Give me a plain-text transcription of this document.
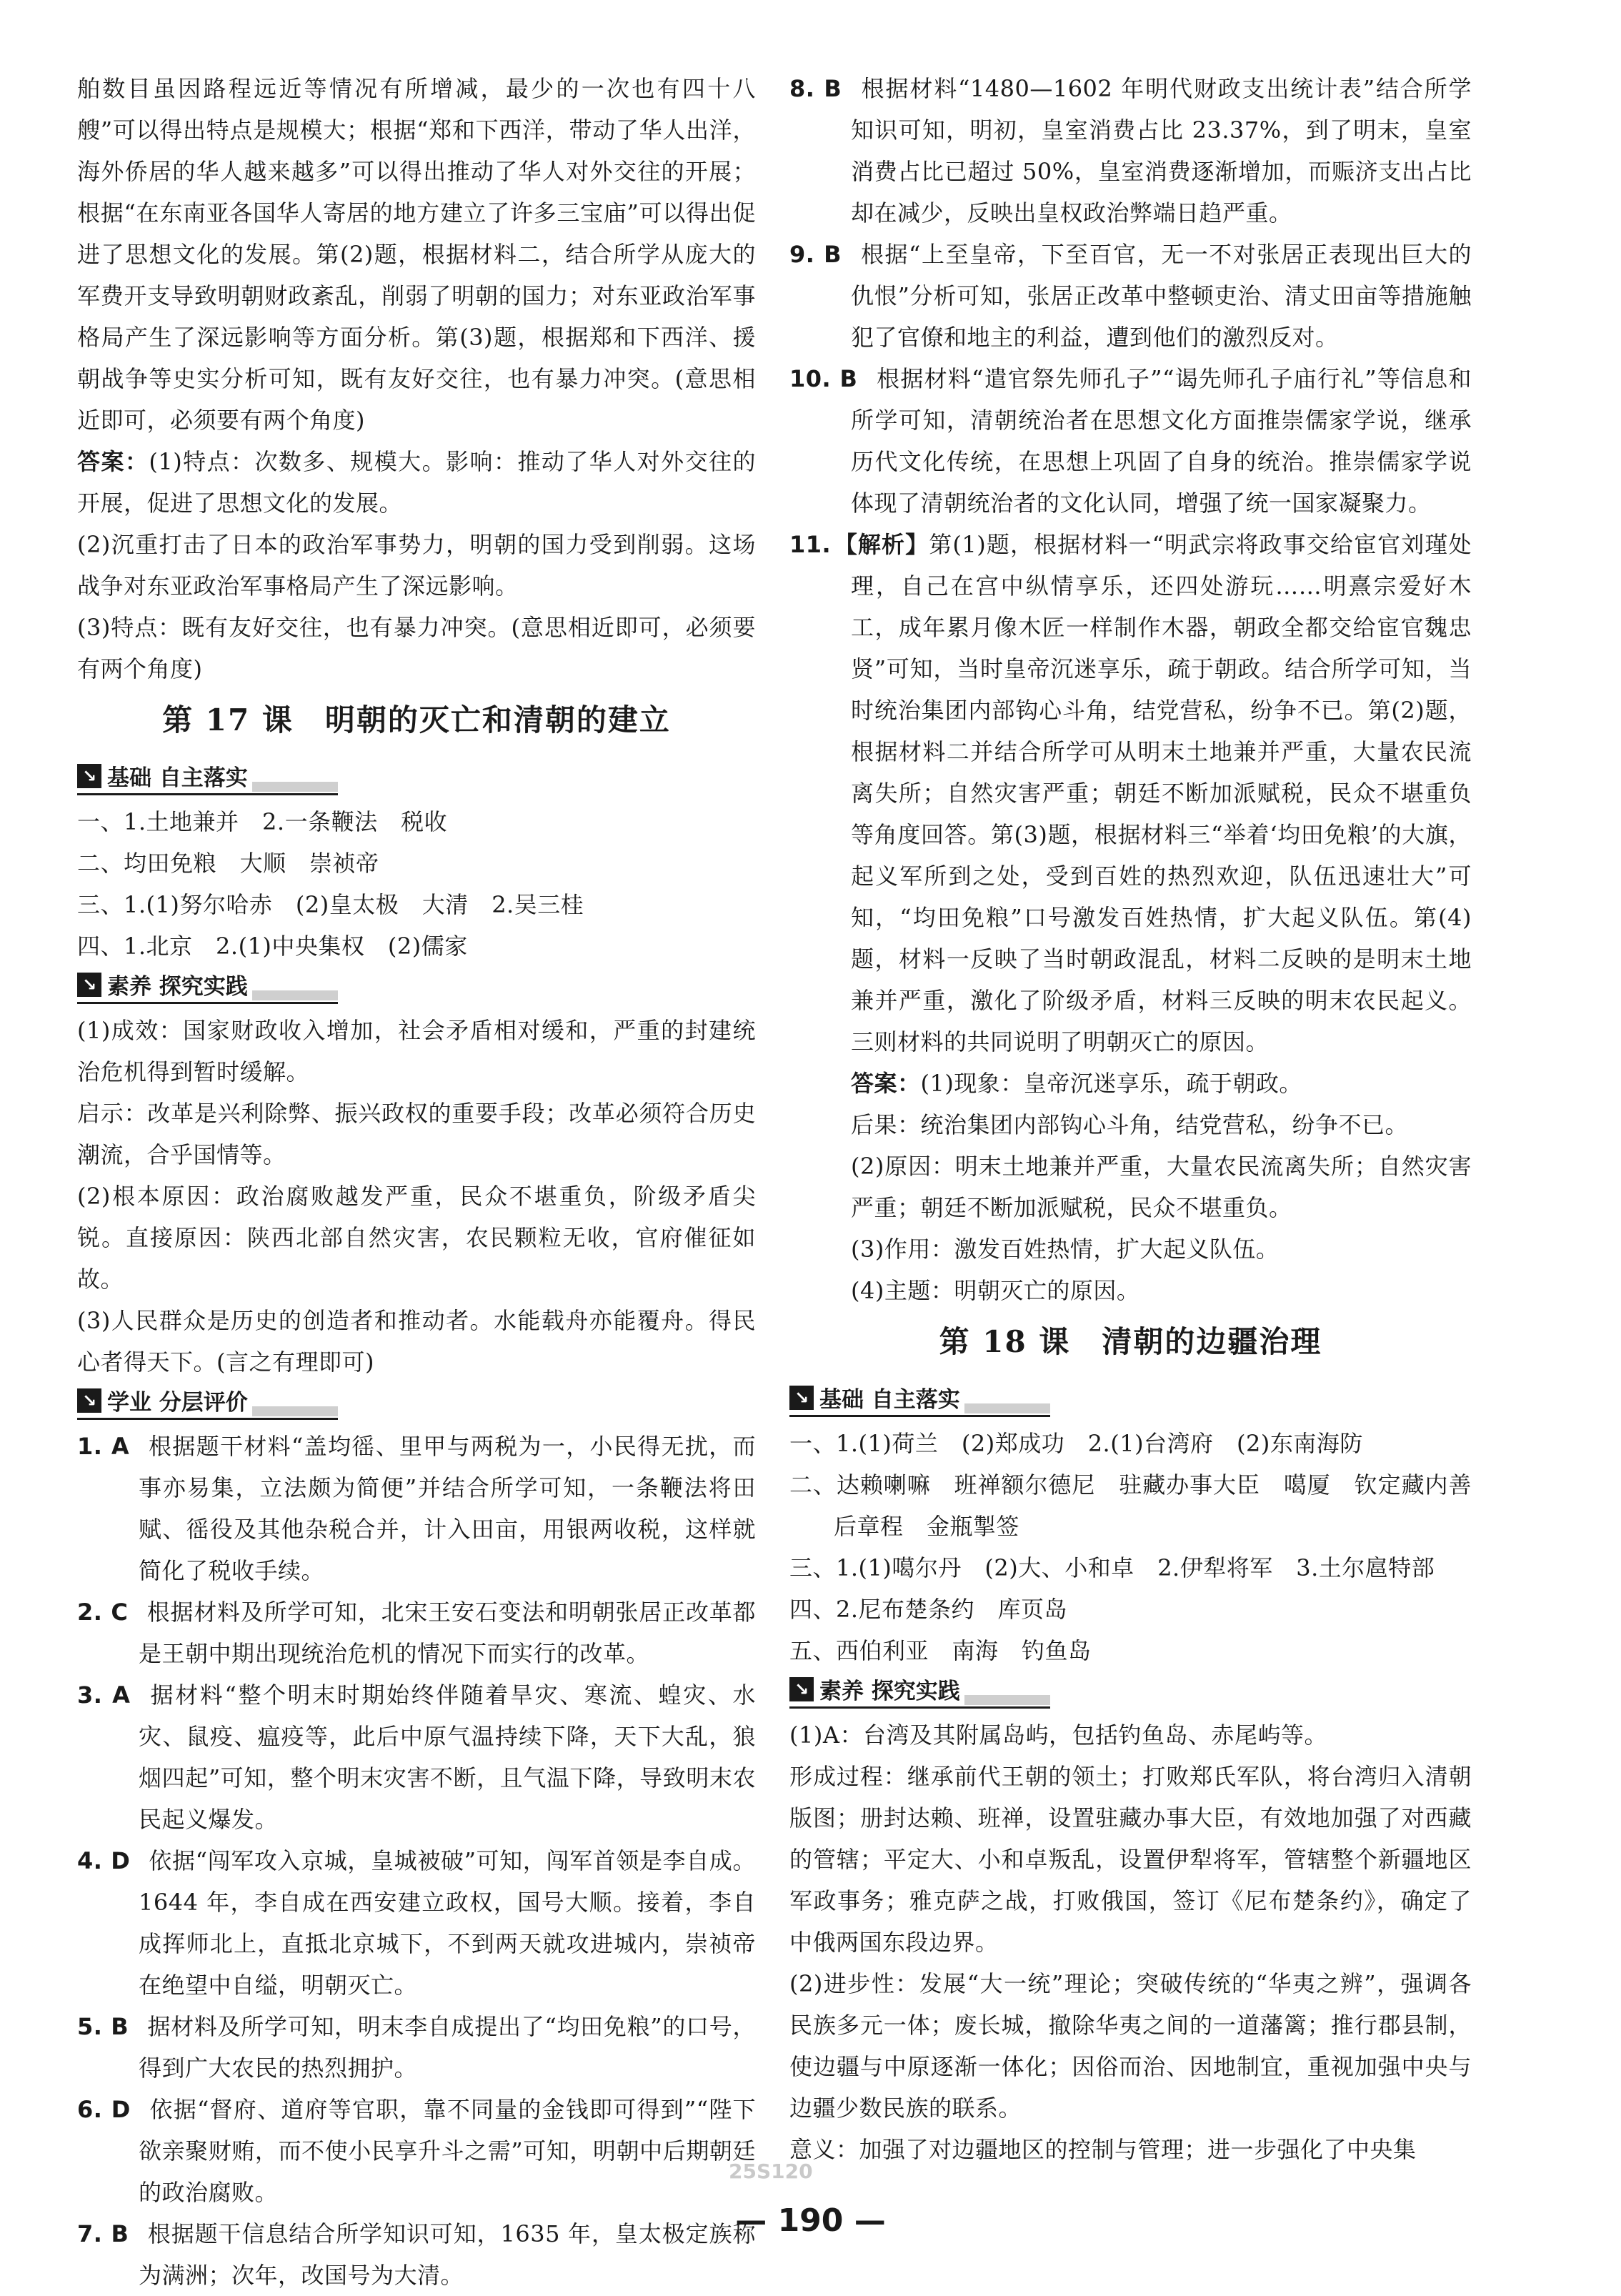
舶数目虽因路程远近等情况有所增减，最少的一次也有四十八艘”可以得出特点是规模大；根据“郑和下西洋，带动了华人出洋，海外侨居的华人越来越多”可以得出推动了华人对外交往的开展；根据“在东南亚各国华人寄居的地方建立了许多三宝庙”可以得出促进了思想文化的发展。第(2)题，根据材料二，结合所学从庞大的军费开支导致明朝财政紊乱，削弱了明朝的国力；对东亚政治军事格局产生了深远影响等方面分析。第(3)题，根据郑和下西洋、援朝战争等史实分析可知，既有友好交往，也有暴力冲突。(意思相近即可，必须要有两个角度)

答案：(1)特点：次数多、规模大。影响：推动了华人对外交往的开展，促进了思想文化的发展。

(2)沉重打击了日本的政治军事势力，明朝的国力受到削弱。这场战争对东亚政治军事格局产生了深远影响。

(3)特点：既有友好交往，也有暴力冲突。(意思相近即可，必须要有两个角度)

第 17 课　明朝的灭亡和清朝的建立
↘ 基础 自主落实

一、1.土地兼并　2.一条鞭法　税收

二、均田免粮　大顺　崇祯帝

三、1.(1)努尔哈赤　(2)皇太极　大清　2.吴三桂

四、1.北京　2.(1)中央集权　(2)儒家

↘ 素养 探究实践

(1)成效：国家财政收入增加，社会矛盾相对缓和，严重的封建统治危机得到暂时缓解。

启示：改革是兴利除弊、振兴政权的重要手段；改革必须符合历史潮流，合乎国情等。

(2)根本原因：政治腐败越发严重，民众不堪重负，阶级矛盾尖锐。直接原因：陕西北部自然灾害，农民颗粒无收，官府催征如故。

(3)人民群众是历史的创造者和推动者。水能载舟亦能覆舟。得民心者得天下。(言之有理即可)

↘ 学业 分层评价

1. A 根据题干材料“盖均徭、里甲与两税为一，小民得无扰，而事亦易集，立法颇为简便”并结合所学可知，一条鞭法将田赋、徭役及其他杂税合并，计入田亩，用银两收税，这样就简化了税收手续。

2. C 根据材料及所学可知，北宋王安石变法和明朝张居正改革都是王朝中期出现统治危机的情况下而实行的改革。

3. A 据材料“整个明末时期始终伴随着旱灾、寒流、蝗灾、水灾、鼠疫、瘟疫等，此后中原气温持续下降，天下大乱，狼烟四起”可知，整个明末灾害不断，且气温下降，导致明末农民起义爆发。

4. D 依据“闯军攻入京城，皇城被破”可知，闯军首领是李自成。1644 年，李自成在西安建立政权，国号大顺。接着，李自成挥师北上，直抵北京城下，不到两天就攻进城内，崇祯帝在绝望中自缢，明朝灭亡。

5. B 据材料及所学可知，明末李自成提出了“均田免粮”的口号，得到广大农民的热烈拥护。

6. D 依据“督府、道府等官职，靠不同量的金钱即可得到”“陛下欲亲聚财贿，而不使小民享升斗之需”可知，明朝中后期朝廷的政治腐败。

7. B 根据题干信息结合所学知识可知，1635 年，皇太极定族称为满洲；次年，改国号为大清。

8. B 根据材料“1480—1602 年明代财政支出统计表”结合所学知识可知，明初，皇室消费占比 23.37%，到了明末，皇室消费占比已超过 50%，皇室消费逐渐增加，而赈济支出占比却在减少，反映出皇权政治弊端日趋严重。

9. B 根据“上至皇帝，下至百官，无一不对张居正表现出巨大的仇恨”分析可知，张居正改革中整顿吏治、清丈田亩等措施触犯了官僚和地主的利益，遭到他们的激烈反对。

10. B 根据材料“遣官祭先师孔子”“谒先师孔子庙行礼”等信息和所学可知，清朝统治者在思想文化方面推崇儒家学说，继承历代文化传统，在思想上巩固了自身的统治。推崇儒家学说体现了清朝统治者的文化认同，增强了统一国家凝聚力。

11. 【解析】第(1)题，根据材料一“明武宗将政事交给宦官刘瑾处理，自己在宫中纵情享乐，还四处游玩……明熹宗爱好木工，成年累月像木匠一样制作木器，朝政全都交给宦官魏忠贤”可知，当时皇帝沉迷享乐，疏于朝政。结合所学可知，当时统治集团内部钩心斗角，结党营私，纷争不已。第(2)题，根据材料二并结合所学可从明末土地兼并严重，大量农民流离失所；自然灾害严重；朝廷不断加派赋税，民众不堪重负等角度回答。第(3)题，根据材料三“举着‘均田免粮’的大旗，起义军所到之处，受到百姓的热烈欢迎，队伍迅速壮大”可知，“均田免粮”口号激发百姓热情，扩大起义队伍。第(4)题，材料一反映了当时朝政混乱，材料二反映的是明末土地兼并严重，激化了阶级矛盾，材料三反映的明末农民起义。三则材料的共同说明了明朝灭亡的原因。

答案：(1)现象：皇帝沉迷享乐，疏于朝政。

后果：统治集团内部钩心斗角，结党营私，纷争不已。

(2)原因：明末土地兼并严重，大量农民流离失所；自然灾害严重；朝廷不断加派赋税，民众不堪重负。

(3)作用：激发百姓热情，扩大起义队伍。

(4)主题：明朝灭亡的原因。

第 18 课　清朝的边疆治理
↘ 基础 自主落实

一、1.(1)荷兰　(2)郑成功　2.(1)台湾府　(2)东南海防

二、达赖喇嘛　班禅额尔德尼　驻藏办事大臣　噶厦　钦定藏内善后章程　金瓶掣签

三、1.(1)噶尔丹　(2)大、小和卓　2.伊犁将军　3.土尔扈特部

四、2.尼布楚条约　库页岛

五、西伯利亚　南海　钓鱼岛

↘ 素养 探究实践

(1)A：台湾及其附属岛屿，包括钓鱼岛、赤尾屿等。

形成过程：继承前代王朝的领土；打败郑氏军队，将台湾归入清朝版图；册封达赖、班禅，设置驻藏办事大臣，有效地加强了对西藏的管辖；平定大、小和卓叛乱，设置伊犁将军，管辖整个新疆地区军政事务；雅克萨之战，打败俄国，签订《尼布楚条约》，确定了中俄两国东段边界。

(2)进步性：发展“大一统”理论；突破传统的“华夷之辨”，强调各民族多元一体；废长城，撤除华夷之间的一道藩篱；推行郡县制，使边疆与中原逐渐一体化；因俗而治、因地制宜，重视加强中央与边疆少数民族的联系。

意义：加强了对边疆地区的控制与管理；进一步强化了中央集

25S120
— 190 —
